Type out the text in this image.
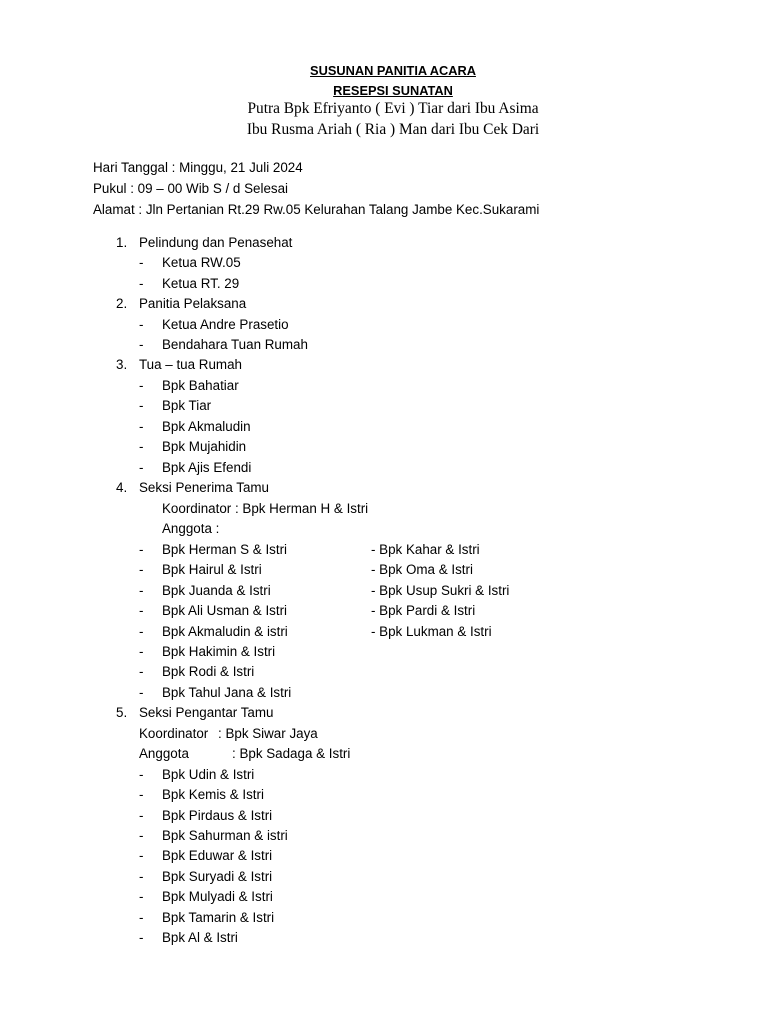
SUSUNAN PANITIA ACARA
RESEPSI SUNATAN
Putra Bpk Efriyanto ( Evi ) Tiar dari Ibu Asima
Ibu Rusma Ariah ( Ria ) Man dari Ibu Cek Dari
Hari Tanggal : Minggu, 21 Juli 2024
Pukul : 09 – 00 Wib S / d Selesai
Alamat : Jln Pertanian Rt.29 Rw.05 Kelurahan Talang Jambe Kec.Sukarami
1. Pelindung dan Penasehat
- Ketua RW.05
- Ketua RT. 29
2. Panitia Pelaksana
- Ketua Andre Prasetio
- Bendahara Tuan Rumah
3. Tua – tua Rumah
- Bpk Bahatiar
- Bpk Tiar
- Bpk Akmaludin
- Bpk Mujahidin
- Bpk Ajis Efendi
4. Seksi Penerima Tamu
Koordinator : Bpk Herman H & Istri
Anggota :
- Bpk Herman S & Istri	- Bpk Kahar & Istri
- Bpk Hairul & Istri	- Bpk Oma & Istri
- Bpk Juanda & Istri	- Bpk Usup Sukri & Istri
- Bpk Ali Usman & Istri	- Bpk Pardi & Istri
- Bpk Akmaludin & istri	- Bpk Lukman & Istri
- Bpk Hakimin & Istri
- Bpk Rodi & Istri
- Bpk Tahul Jana & Istri
5. Seksi Pengantar Tamu
Koordinator : Bpk Siwar Jaya
Anggota	: Bpk Sadaga & Istri
- Bpk Udin & Istri
- Bpk Kemis & Istri
- Bpk Pirdaus & Istri
- Bpk Sahurman & istri
- Bpk Eduwar & Istri
- Bpk Suryadi & Istri
- Bpk Mulyadi & Istri
- Bpk Tamarin & Istri
- Bpk Al & Istri
